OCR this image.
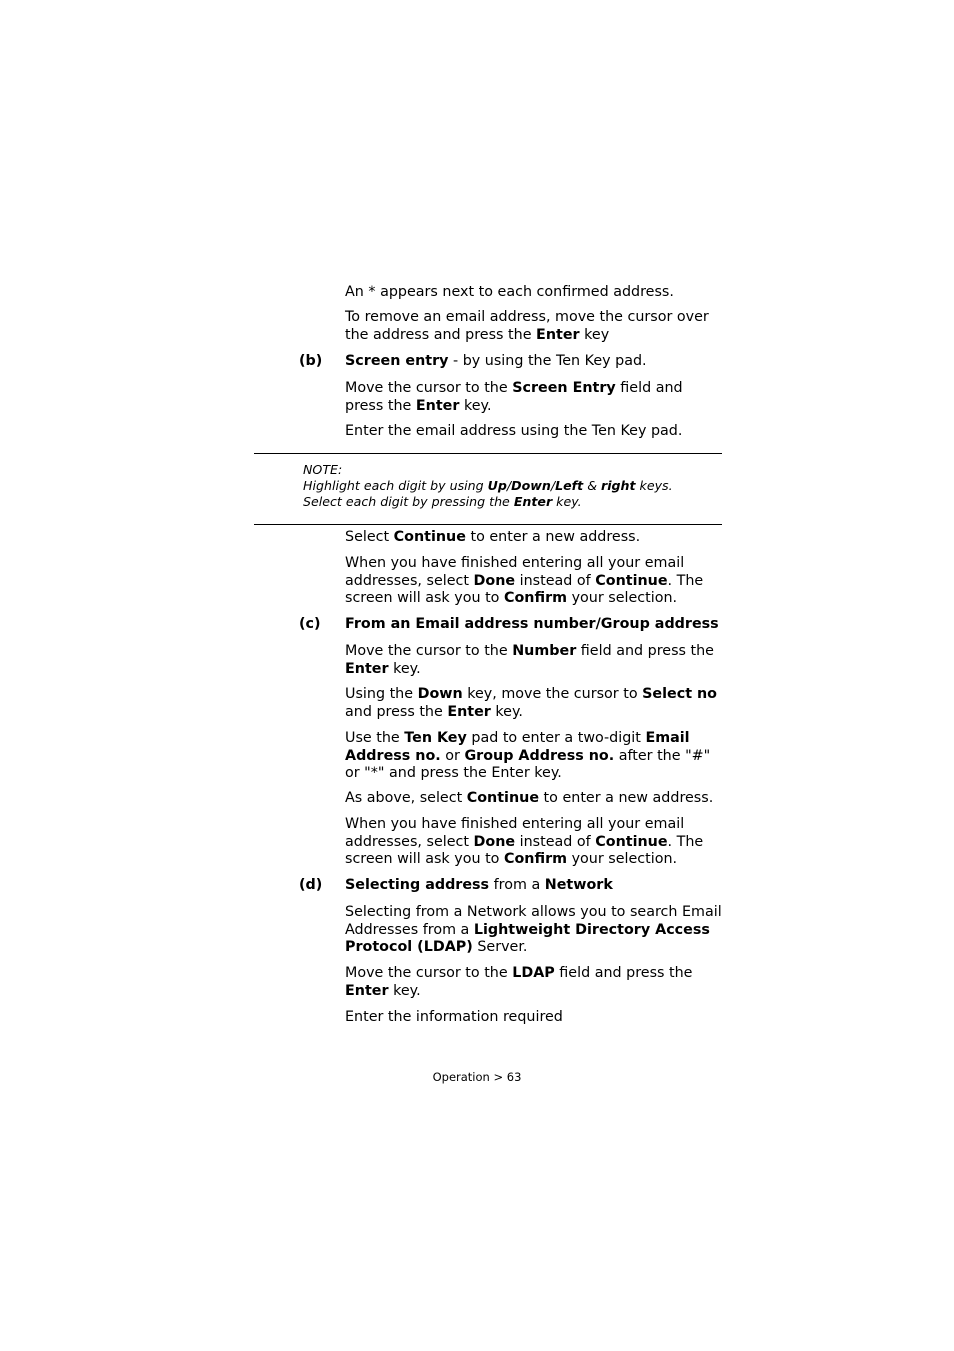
An * appears next to each confirmed address.

To remove an email address, move the cursor over the address and press the Enter key

(b) Screen entry - by using the Ten Key pad.

Move the cursor to the Screen Entry field and press the Enter key.

Enter the email address using the Ten Key pad.

NOTE:
Highlight each digit by using Up/Down/Left & right keys.
Select each digit by pressing the Enter key.

Select Continue to enter a new address.

When you have finished entering all your email addresses, select Done instead of Continue. The screen will ask you to Confirm your selection.

(c) From an Email address number/Group address

Move the cursor to the Number field and press the Enter key.

Using the Down key, move the cursor to Select no and press the Enter key.

Use the Ten Key pad to enter a two-digit Email Address no. or Group Address no. after the "#" or "*" and press the Enter key.

As above, select Continue to enter a new address.

When you have finished entering all your email addresses, select Done instead of Continue. The screen will ask you to Confirm your selection.

(d) Selecting address from a Network

Selecting from a Network allows you to search Email Addresses from a Lightweight Directory Access Protocol (LDAP) Server.

Move the cursor to the LDAP field and press the Enter key.

Enter the information required

Operation > 63
